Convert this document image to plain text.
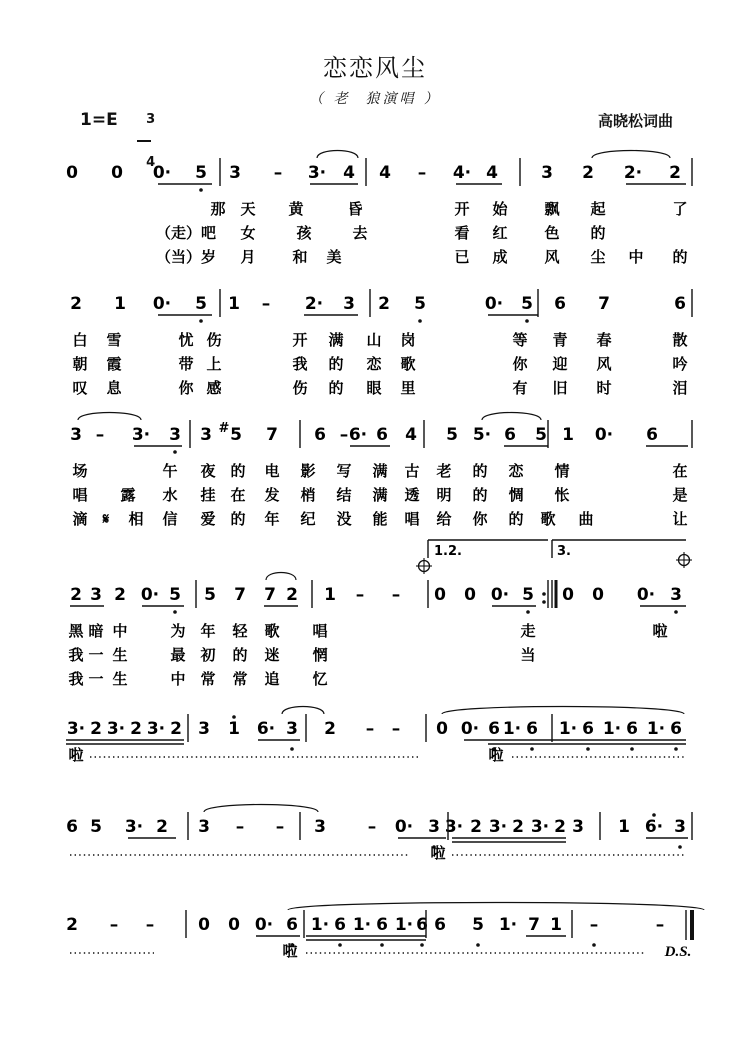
恋恋风尘
（ 老  狼演唱 ）
1=E	3

4

高晓松词曲
0 0 0· 5 3 – 3· 4 4 – 4· 4	3 2 2· 2
那 天 黄	昏	开 始 飘 起	了
（走）吧 女	孩	去	看 红 色 的
（当）岁 月 和 美	已 成 风 尘 中 的
2 1 0· 5 1 – 2· 3 2 5	0· 5 6 7	6
白 雪	忧 伤	开 满 山 岗	等 青 春	散
朝 霞	带 上	我 的 恋 歌	你 迎 风	吟
叹 息	你 感	伤 的 眼 里	有 旧 时	泪
3 – 3· 3 3 5
# 7 6 – 6· 6 4 5 5· 6 5 1 0· 6
场	午 夜 的 电 影 写 满 古 老 的 恋 情	在
唱 露 水 挂 在 发 梢 结 满 透 明 的 惆 怅	是
滴 𝄋 相 信 爱 的 年 纪 没 能 唱 给 你 的 歌 曲	让
2 3 2 0· 5 5 7 7 2 1 – – 0 0 0· 5 0 0 0· 3
黑 暗 中	为 年 轻 歌 唱	走	啦
我 一 生	最 初 的 迷 惘	当
我 一 生	中 常 常 追 忆
3· 2 3· 2 3· 2 3 1 6· 3 2 – – 0 0· 6 1· 6 1· 6 1· 6 1· 6
6 5 3· 2 3 – – 3 – 0· 3 3· 2 3· 2 3· 2 3 1 6· 3
2 – –	0 0 0· 6 1· 6 1· 6 1· 6 6 5 1· 7 1 –	–
啦	啦
啦
啦	D.S.
1.2.	3.
